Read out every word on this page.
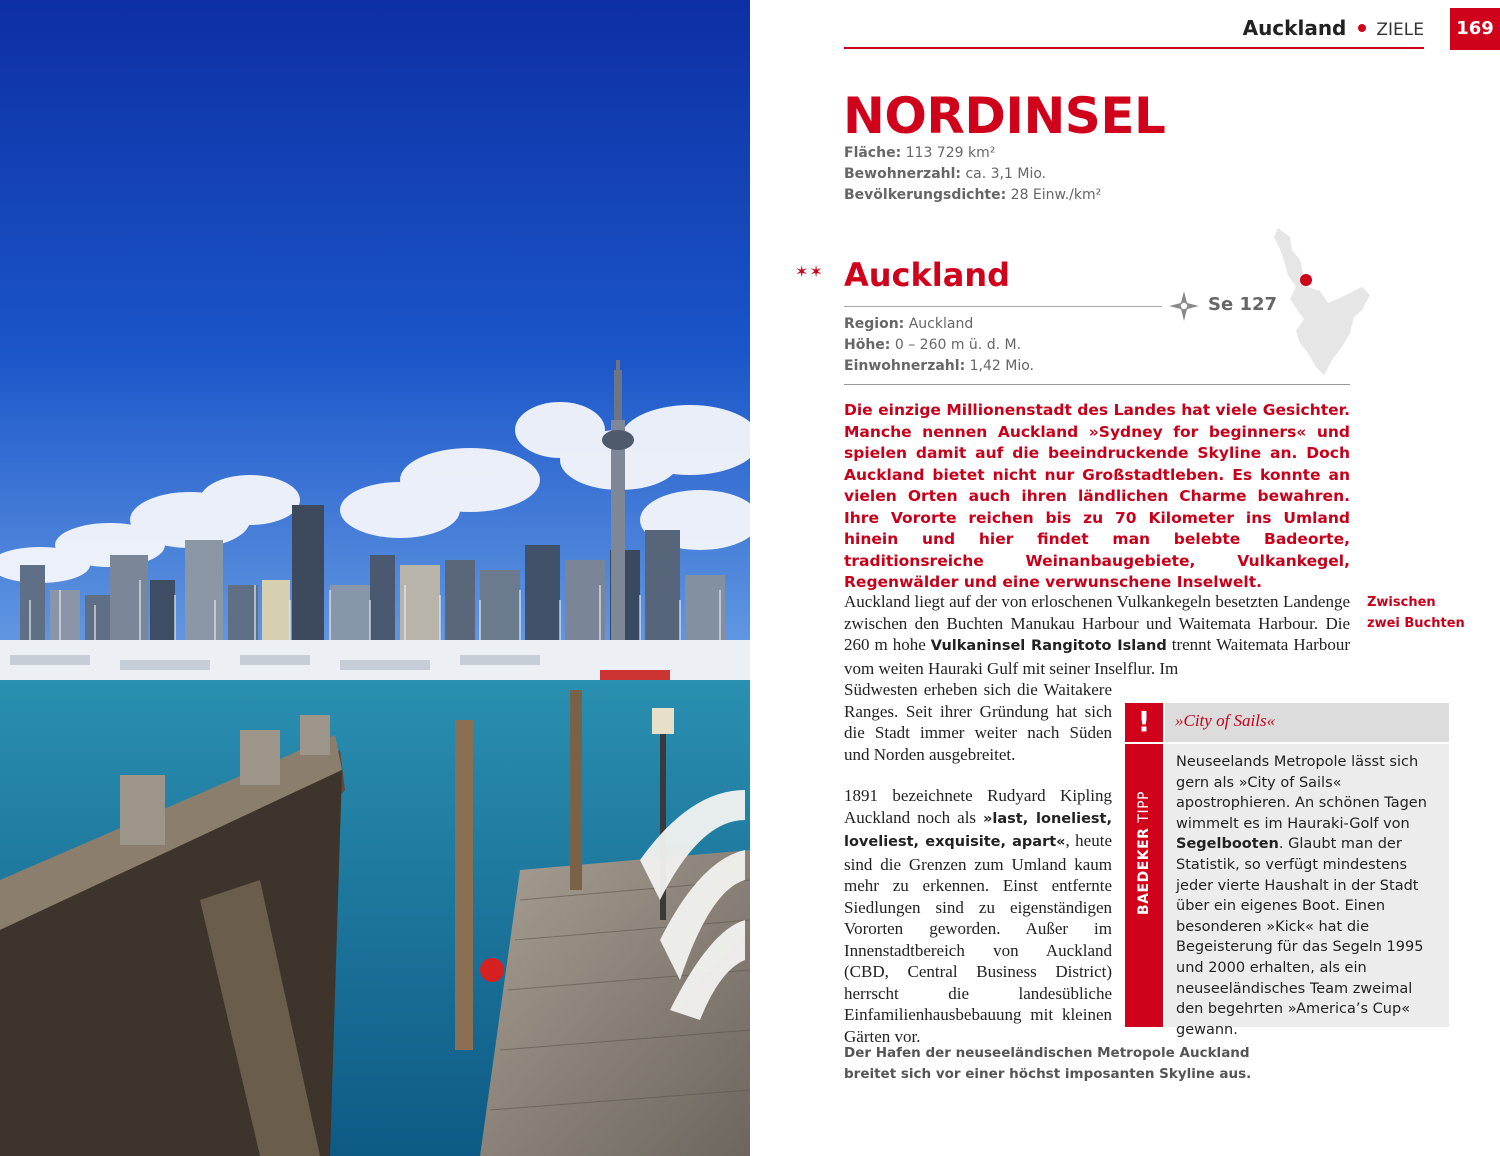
Auckland ZIELE	169
NORDINSEL
Fläche: 113 729 km²
Bewohnerzahl: ca. 3,1 Mio.
Bevölkerungsdichte: 28 Einw./km²
✶✶ Auckland
Se 127
Region: Auckland
Höhe: 0 – 260 m ü. d. M.
Einwohnerzahl: 1,42 Mio.
Die einzige Millionenstadt des Landes hat viele Gesichter. Manche nennen Auckland »Sydney for beginners« und spielen damit auf die beeindruckende Skyline an. Doch Auckland bietet nicht nur Großstadtleben. Es konnte an vielen Orten auch ihren ländlichen Charme bewahren. Ihre Vororte reichen bis zu 70 Kilometer ins Umland hinein und hier findet man belebte Badeorte, traditionsreiche Weinanbaugebiete, Vulkankegel, Regenwälder und eine verwunschene Inselwelt.
Auckland liegt auf der von erloschenen Vulkankegeln besetzten Landenge zwischen den Buchten Manukau Harbour und Waitemata Harbour. Die 260 m hohe Vulkaninsel Rangitoto Island trennt Waitemata Harbour vom weiten Hauraki Gulf mit seiner Inselflur. Im
Südwesten erheben sich die Waitakere Ranges. Seit ihrer Gründung hat sich die Stadt immer weiter nach Süden und Norden ausgebreitet.
1891 bezeichnete Rudyard Kipling Auckland noch als »last, loneliest, loveliest, exquisite, apart«, heute sind die Grenzen zum Umland kaum mehr zu erkennen. Einst entfernte Siedlungen sind zu eigenständigen Vororten geworden. Außer im Innenstadtbereich von Auckland (CBD, Central Business District) herrscht die landesübliche Einfamilienhausbebauung mit kleinen Gärten vor.
Zwischen
zwei Buchten
!
BAEDEKER TIPP
»City of Sails«
Neuseelands Metropole lässt sich gern als »City of Sails« apostrophieren. An schönen Tagen wimmelt es im Hauraki-Golf von Segelbooten. Glaubt man der Statistik, so verfügt mindestens jeder vierte Haushalt in der Stadt über ein eigenes Boot. Einen besonderen »Kick« hat die Begeisterung für das Segeln 1995 und 2000 erhalten, als ein neuseeländisches Team zweimal den begehrten »America’s Cup« gewann.
Der Hafen der neuseeländischen Metropole Auckland breitet sich vor einer höchst imposanten Skyline aus.
